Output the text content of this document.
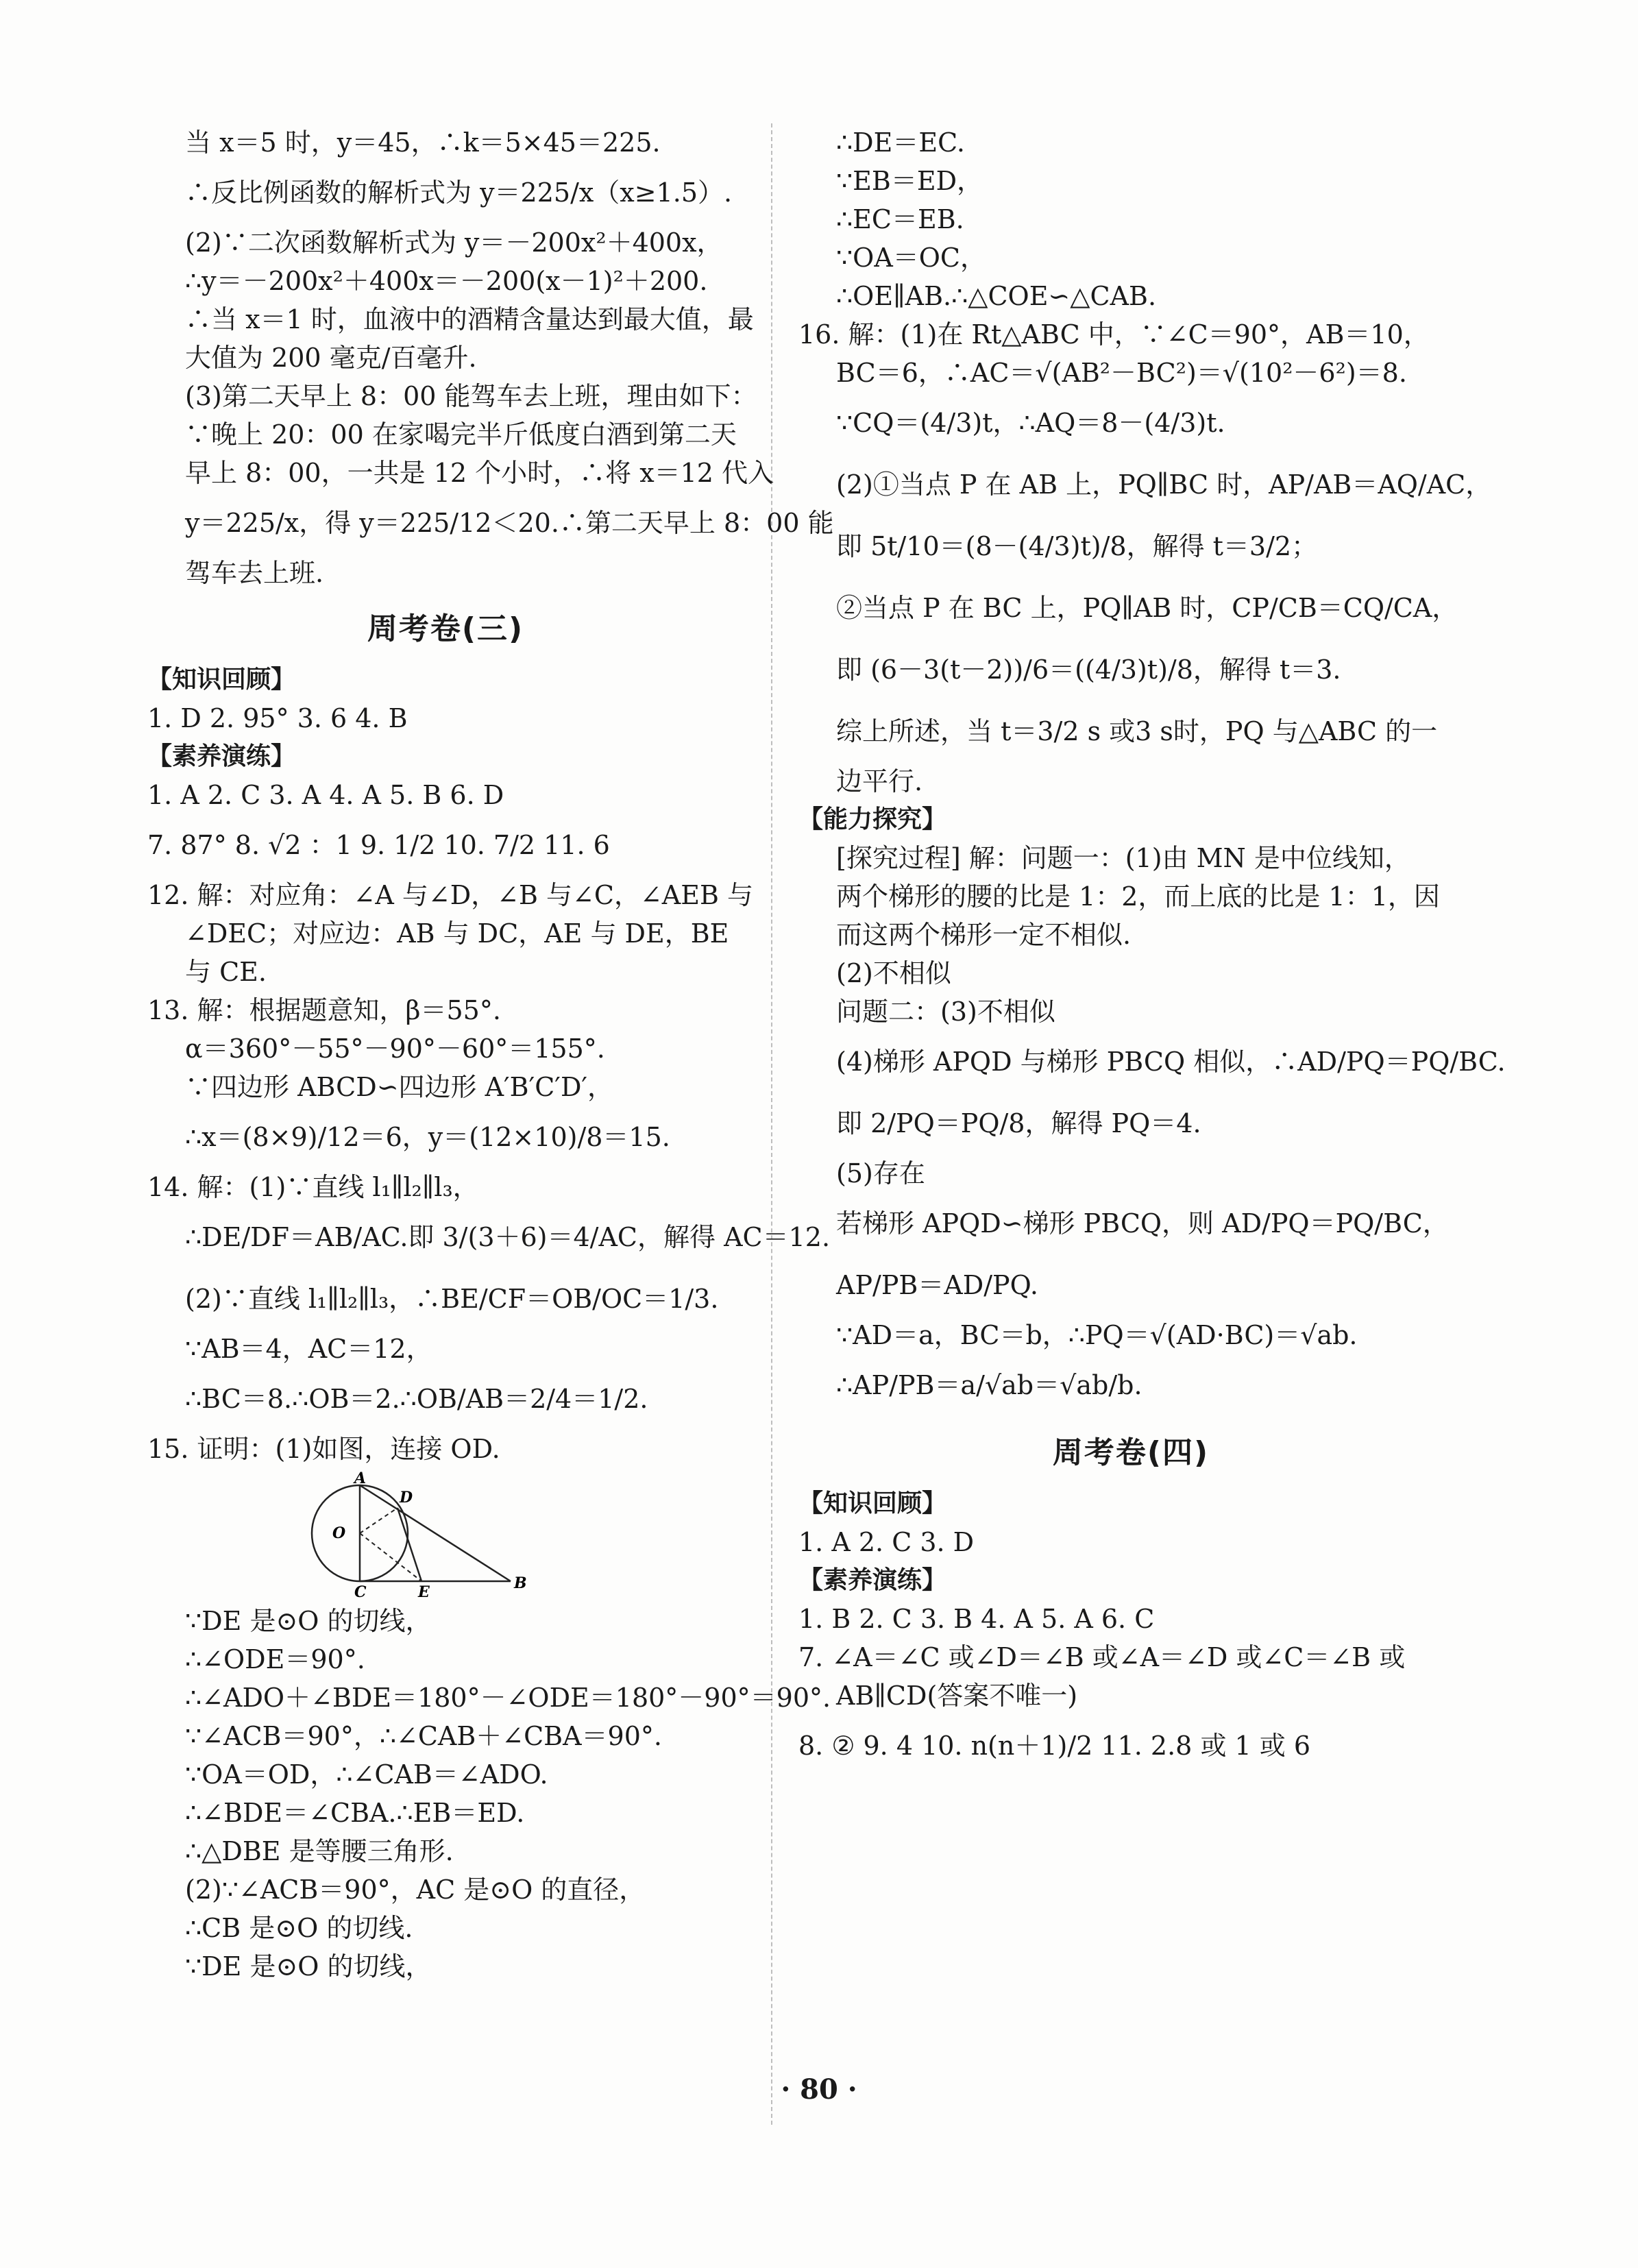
当 x＝5 时，y＝45，∴k＝5×45＝225.
∴反比例函数的解析式为 y＝225/x（x≥1.5）.
(2)∵二次函数解析式为 y＝－200x²＋400x，
∴y＝－200x²＋400x＝－200(x－1)²＋200.
∴当 x＝1 时，血液中的酒精含量达到最大值，最
大值为 200 毫克/百毫升.
(3)第二天早上 8：00 能驾车去上班，理由如下：
∵晚上 20：00 在家喝完半斤低度白酒到第二天
早上 8：00，一共是 12 个小时，∴将 x＝12 代入
y＝225/x，得 y＝225/12＜20.∴第二天早上 8：00 能
驾车去上班.
周考卷(三)
【知识回顾】
1. D 2. 95° 3. 6 4. B
【素养演练】
1. A 2. C 3. A 4. A 5. B 6. D
7. 87° 8. √2 ：1 9. 1/2 10. 7/2 11. 6
12. 解：对应角：∠A 与∠D，∠B 与∠C，∠AEB 与
∠DEC；对应边：AB 与 DC，AE 与 DE，BE
与 CE.
13. 解：根据题意知，β＝55°.
α＝360°－55°－90°－60°＝155°.
∵四边形 ABCD∽四边形 A′B′C′D′，
∴x＝(8×9)/12＝6，y＝(12×10)/8＝15.
14. 解：(1)∵直线 l₁∥l₂∥l₃，
∴DE/DF＝AB/AC.即 3/(3＋6)＝4/AC，解得 AC＝12.
(2)∵直线 l₁∥l₂∥l₃，∴BE/CF＝OB/OC＝1/3.
∵AB＝4，AC＝12，
∴BC＝8.∴OB＝2.∴OB/AB＝2/4＝1/2.
15. 证明：(1)如图，连接 OD.
A
D
O
C	E	B
∵DE 是⊙O 的切线，
∴∠ODE＝90°.
∴∠ADO＋∠BDE＝180°－∠ODE＝180°－90°＝90°.
∵∠ACB＝90°，∴∠CAB＋∠CBA＝90°.
∵OA＝OD，∴∠CAB＝∠ADO.
∴∠BDE＝∠CBA.∴EB＝ED.
∴△DBE 是等腰三角形.
(2)∵∠ACB＝90°，AC 是⊙O 的直径，
∴CB 是⊙O 的切线.
∵DE 是⊙O 的切线，
∴DE＝EC.
∵EB＝ED，
∴EC＝EB.
∵OA＝OC，
∴OE∥AB.∴△COE∽△CAB.
16. 解：(1)在 Rt△ABC 中，∵∠C＝90°，AB＝10，
BC＝6，∴AC＝√(AB²－BC²)＝√(10²－6²)＝8.
∵CQ＝(4/3)t，∴AQ＝8－(4/3)t.
(2)①当点 P 在 AB 上，PQ∥BC 时，AP/AB＝AQ/AC，
即 5t/10＝(8－(4/3)t)/8，解得 t＝3/2；
②当点 P 在 BC 上，PQ∥AB 时，CP/CB＝CQ/CA，
即 (6－3(t－2))/6＝((4/3)t)/8，解得 t＝3.
综上所述，当 t＝3/2 s 或3 s时，PQ 与△ABC 的一
边平行.
【能力探究】
[探究过程] 解：问题一：(1)由 MN 是中位线知，
两个梯形的腰的比是 1：2，而上底的比是 1：1，因
而这两个梯形一定不相似.
(2)不相似
问题二：(3)不相似
(4)梯形 APQD 与梯形 PBCQ 相似，∴AD/PQ＝PQ/BC.
即 2/PQ＝PQ/8，解得 PQ＝4.
(5)存在
若梯形 APQD∽梯形 PBCQ，则 AD/PQ＝PQ/BC，
AP/PB＝AD/PQ.
∵AD＝a，BC＝b，∴PQ＝√(AD·BC)＝√ab.
∴AP/PB＝a/√ab＝√ab/b.
周考卷(四)
【知识回顾】
1. A 2. C 3. D
【素养演练】
1. B 2. C 3. B 4. A 5. A 6. C
7. ∠A＝∠C 或∠D＝∠B 或∠A＝∠D 或∠C＝∠B 或
AB∥CD(答案不唯一)
8. ② 9. 4 10. n(n＋1)/2 11. 2.8 或 1 或 6
· 80 ·
